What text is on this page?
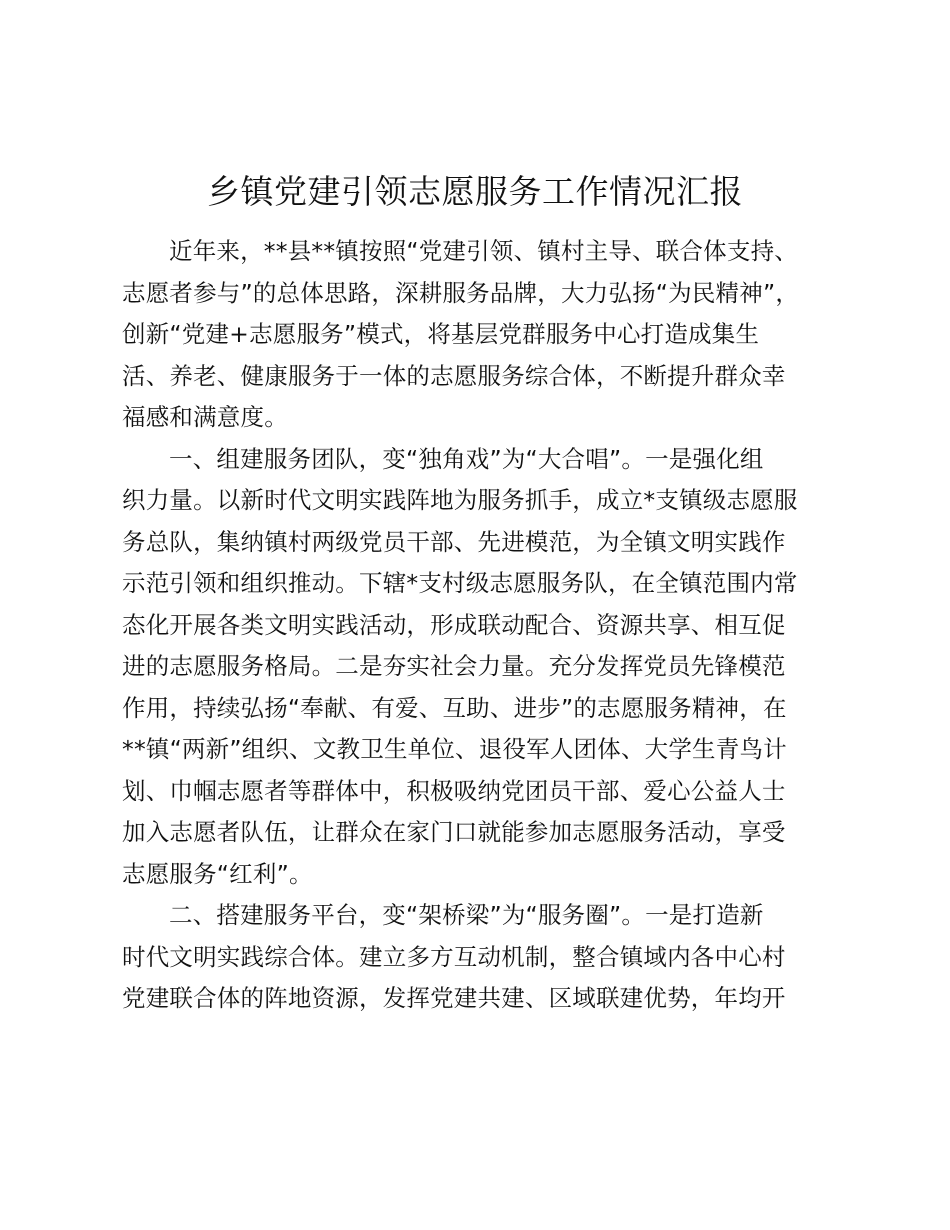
乡镇党建引领志愿服务工作情况汇报

近年来，**县**镇按照“党建引领、镇村主导、联合体支持、
志愿者参与”的总体思路，深耕服务品牌，大力弘扬“为民精神”，
创新“党建+志愿服务”模式，将基层党群服务中心打造成集生
活、养老、健康服务于一体的志愿服务综合体，不断提升群众幸
福感和满意度。

一、组建服务团队，变“独角戏”为“大合唱”。一是强化组
织力量。以新时代文明实践阵地为服务抓手，成立*支镇级志愿服
务总队，集纳镇村两级党员干部、先进模范，为全镇文明实践作
示范引领和组织推动。下辖*支村级志愿服务队，在全镇范围内常
态化开展各类文明实践活动，形成联动配合、资源共享、相互促
进的志愿服务格局。二是夯实社会力量。充分发挥党员先锋模范
作用，持续弘扬“奉献、有爱、互助、进步”的志愿服务精神，在
**镇“两新”组织、文教卫生单位、退役军人团体、大学生青鸟计
划、巾帼志愿者等群体中，积极吸纳党团员干部、爱心公益人士
加入志愿者队伍，让群众在家门口就能参加志愿服务活动，享受
志愿服务“红利”。

二、搭建服务平台，变“架桥梁”为“服务圈”。一是打造新
时代文明实践综合体。建立多方互动机制，整合镇域内各中心村
党建联合体的阵地资源，发挥党建共建、区域联建优势，年均开
